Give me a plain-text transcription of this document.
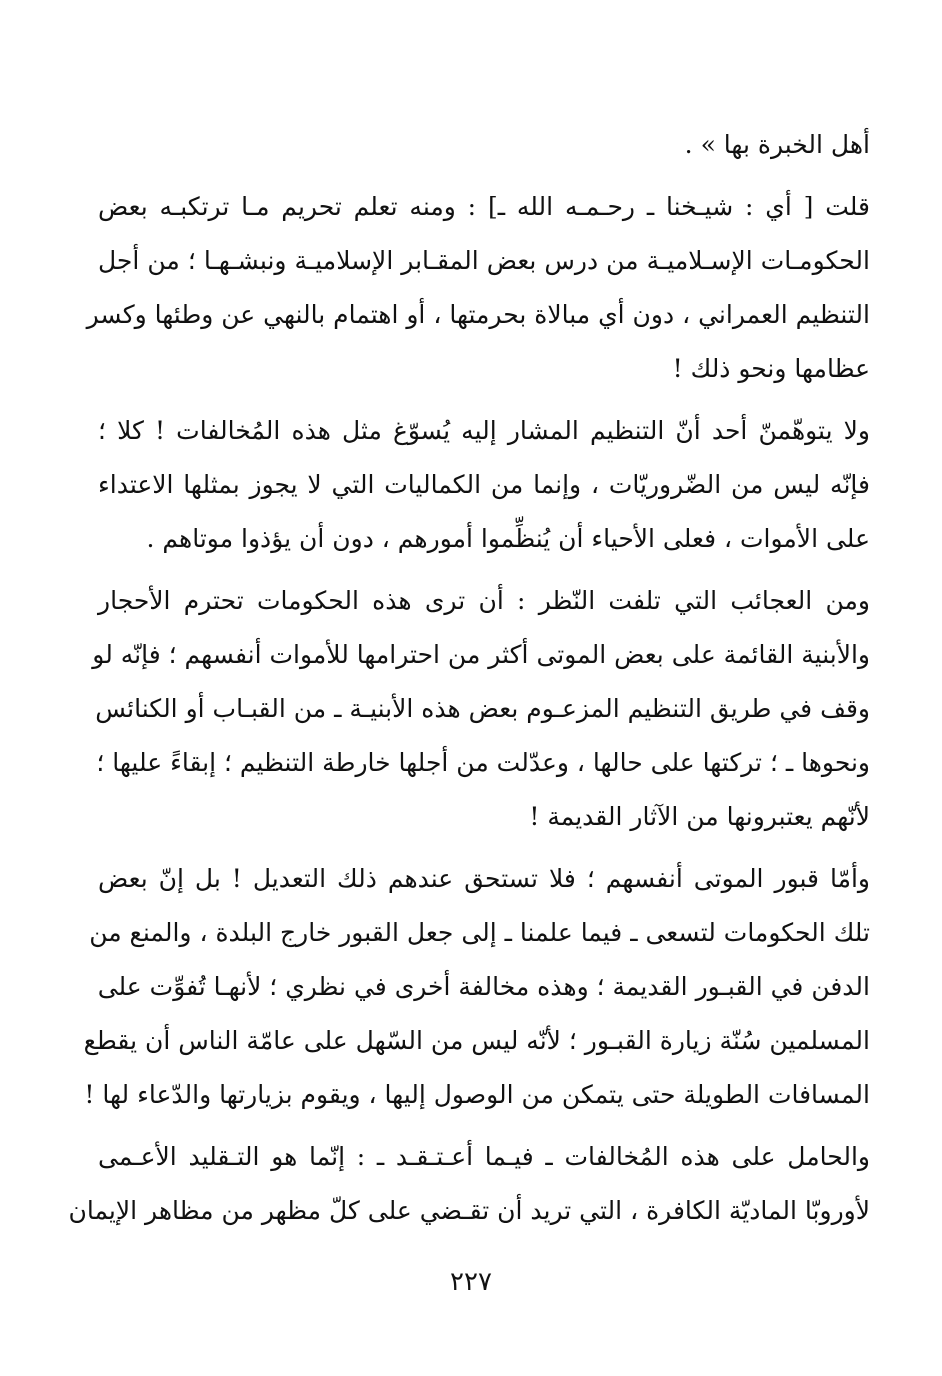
أهل الخبرة بها » .
قلت [ أي : شيـخنا ـ رحـمـه الله ـ] : ومنه تعلم تحريم مـا ترتكبـه بعض
الحكومـات الإسـلاميـة من درس بعض المقـابر الإسلاميـة ونبشـهـا ؛ من أجل
التنظيم العمراني ، دون أي مبالاة بحرمتها ، أو اهتمام بالنهي عن وطئها وكسر
عظامها ونحو ذلك !
ولا يتوهّمنّ أحد أنّ التنظيم المشار إليه يُسوّغ مثل هذه المُخالفات ! كلا ؛
فإنّه ليس من الضّروريّات ، وإنما من الكماليات التي لا يجوز بمثلها الاعتداء
على الأموات ، فعلى الأحياء أن يُنظِّموا أمورهم ، دون أن يؤذوا موتاهم .
ومن العجائب التي تلفت النّظر : أن ترى هذه الحكومات تحترم الأحجار
والأبنية القائمة على بعض الموتى أكثر من احترامها للأموات أنفسهم ؛ فإنّه لو
وقف في طريق التنظيم المزعـوم بعض هذه الأبنيـة ـ من القبـاب أو الكنائس
ونحوها ـ ؛ تركتها على حالها ، وعدّلت من أجلها خارطة التنظيم ؛ إبقاءً عليها ؛
لأنّهم يعتبرونها من الآثار القديمة !
وأمّا قبور الموتى أنفسهم ؛ فلا تستحق عندهم ذلك التعديل ! بل إنّ بعض
تلك الحكومات لتسعى ـ فيما علمنا ـ إلى جعل القبور خارج البلدة ، والمنع من
الدفن في القبـور القديمة ؛ وهذه مخالفة أخرى في نظري ؛ لأنهـا تُفوِّت على
المسلمين سُنّة زيارة القبـور ؛ لأنّه ليس من السّهل على عامّة الناس أن يقطع
المسافات الطويلة حتى يتمكن من الوصول إليها ، ويقوم بزيارتها والدّعاء لها !
والحامل على هذه المُخالفات ـ فيـما أعـتـقـد ـ : إنّما هو التـقليد الأعـمى
لأوروبّا الماديّة الكافرة ، التي تريد أن تقـضي على كلّ مظهر من مظاهر الإيمان
٢٢٧
